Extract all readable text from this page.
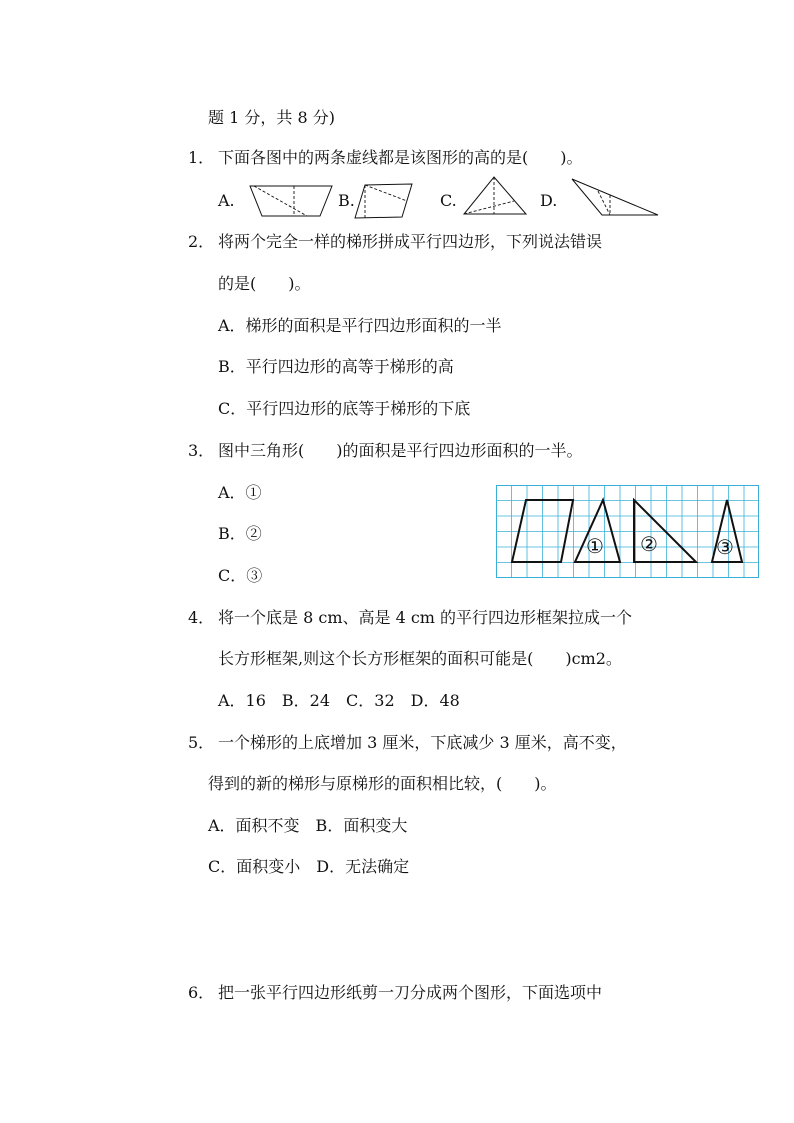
题 1 分，共 8 分)
1． 下面各图中的两条虚线都是该图形的高的是(　　)。
A.	B.	C.	D.
2． 将两个完全一样的梯形拼成平行四边形，下列说法错误
的是(　　)。
A．梯形的面积是平行四边形面积的一半
B．平行四边形的高等于梯形的高
C．平行四边形的底等于梯形的下底
3． 图中三角形(　　)的面积是平行四边形面积的一半。
A．①
B．②
C．③
① ②	③
4． 将一个底是 8 cm、高是 4 cm 的平行四边形框架拉成一个
长方形框架,则这个长方形框架的面积可能是(　　)cm2。
A．16　B．24　C．32　D．48
5． 一个梯形的上底增加 3 厘米，下底减少 3 厘米，高不变，
得到的新的梯形与原梯形的面积相比较，(　　)。
A．面积不变　B．面积变大
C．面积变小　D．无法确定
6． 把一张平行四边形纸剪一刀分成两个图形，下面选项中
